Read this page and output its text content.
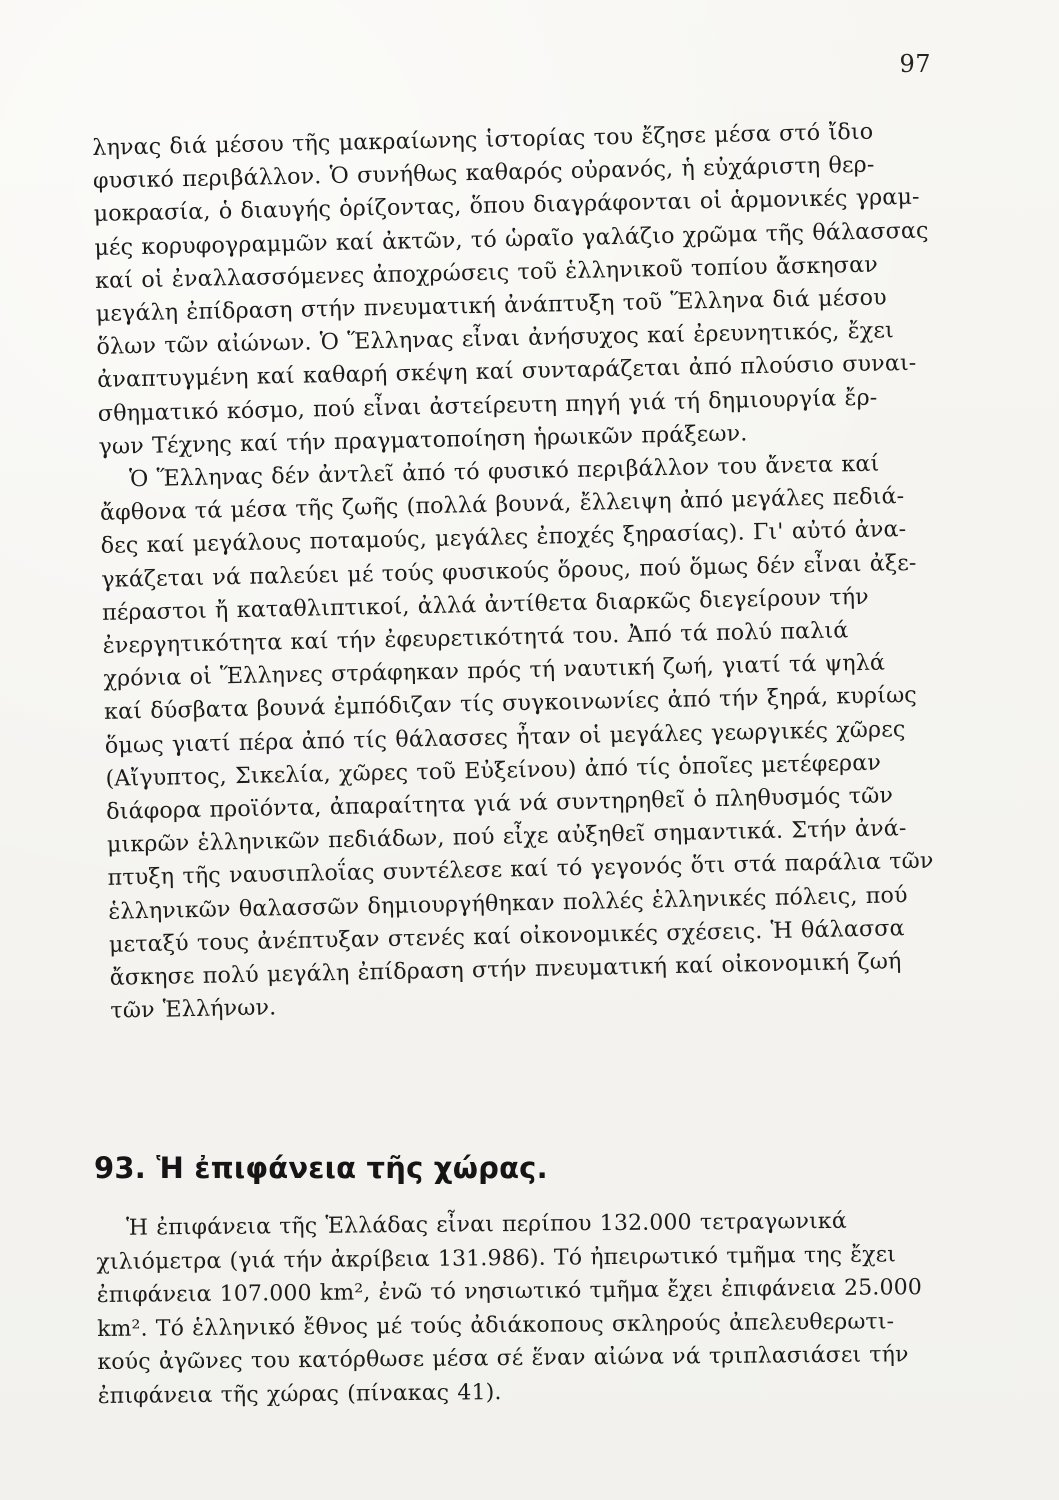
97
ληνας διά μέσου τῆς μακραίωνης ἱστορίας του ἔζησε μέσα στό ἴδιο
φυσικό περιβάλλον. Ὁ συνήθως καθαρός οὐρανός, ἡ εὐχάριστη θερ-
μοκρασία, ὁ διαυγής ὁρίζοντας, ὅπου διαγράφονται οἱ ἁρμονικές γραμ-
μές κορυφογραμμῶν καί ἀκτῶν, τό ὡραῖο γαλάζιο χρῶμα τῆς θάλασσας
καί οἱ ἐναλλασσόμενες ἀποχρώσεις τοῦ ἑλληνικοῦ τοπίου ἄσκησαν
μεγάλη ἐπίδραση στήν πνευματική ἀνάπτυξη τοῦ Ἕλληνα διά μέσου
ὅλων τῶν αἰώνων. Ὁ Ἕλληνας εἶναι ἀνήσυχος καί ἐρευνητικός, ἔχει
ἀναπτυγμένη καί καθαρή σκέψη καί συνταράζεται ἀπό πλούσιο συναι-
σθηματικό κόσμο, πού εἶναι ἀστείρευτη πηγή γιά τή δημιουργία ἔρ-
γων Τέχνης καί τήν πραγματοποίηση ἡρωικῶν πράξεων.
Ὁ Ἕλληνας δέν ἀντλεῖ ἀπό τό φυσικό περιβάλλον του ἄνετα καί
ἄφθονα τά μέσα τῆς ζωῆς (πολλά βουνά, ἔλλειψη ἀπό μεγάλες πεδιά-
δες καί μεγάλους ποταμούς, μεγάλες ἐποχές ξηρασίας). Γι' αὐτό ἀνα-
γκάζεται νά παλεύει μέ τούς φυσικούς ὅρους, πού ὅμως δέν εἶναι ἀξε-
πέραστοι ἤ καταθλιπτικοί, ἀλλά ἀντίθετα διαρκῶς διεγείρουν τήν
ἐνεργητικότητα καί τήν ἐφευρετικότητά του. Ἀπό τά πολύ παλιά
χρόνια οἱ Ἕλληνες στράφηκαν πρός τή ναυτική ζωή, γιατί τά ψηλά
καί δύσβατα βουνά ἐμπόδιζαν τίς συγκοινωνίες ἀπό τήν ξηρά, κυρίως
ὅμως γιατί πέρα ἀπό τίς θάλασσες ἦταν οἱ μεγάλες γεωργικές χῶρες
(Αἴγυπτος, Σικελία, χῶρες τοῦ Εὐξείνου) ἀπό τίς ὁποῖες μετέφεραν
διάφορα προϊόντα, ἀπαραίτητα γιά νά συντηρηθεῖ ὁ πληθυσμός τῶν
μικρῶν ἑλληνικῶν πεδιάδων, πού εἶχε αὐξηθεῖ σημαντικά. Στήν ἀνά-
πτυξη τῆς ναυσιπλοΐας συντέλεσε καί τό γεγονός ὅτι στά παράλια τῶν
ἑλληνικῶν θαλασσῶν δημιουργήθηκαν πολλές ἑλληνικές πόλεις, πού
μεταξύ τους ἀνέπτυξαν στενές καί οἰκονομικές σχέσεις. Ἡ θάλασσα
ἄσκησε πολύ μεγάλη ἐπίδραση στήν πνευματική καί οἰκονομική ζωή
τῶν Ἑλλήνων.
93. Ἡ ἐπιφάνεια τῆς χώρας.
Ἡ ἐπιφάνεια τῆς Ἑλλάδας εἶναι περίπου 132.000 τετραγωνικά
χιλιόμετρα (γιά τήν ἀκρίβεια 131.986). Τό ἠπειρωτικό τμῆμα της ἔχει
ἐπιφάνεια 107.000 km², ἐνῶ τό νησιωτικό τμῆμα ἔχει ἐπιφάνεια 25.000
km². Τό ἑλληνικό ἔθνος μέ τούς ἀδιάκοπους σκληρούς ἀπελευθερωτι-
κούς ἀγῶνες του κατόρθωσε μέσα σέ ἕναν αἰώνα νά τριπλασιάσει τήν
ἐπιφάνεια τῆς χώρας (πίνακας 41).
